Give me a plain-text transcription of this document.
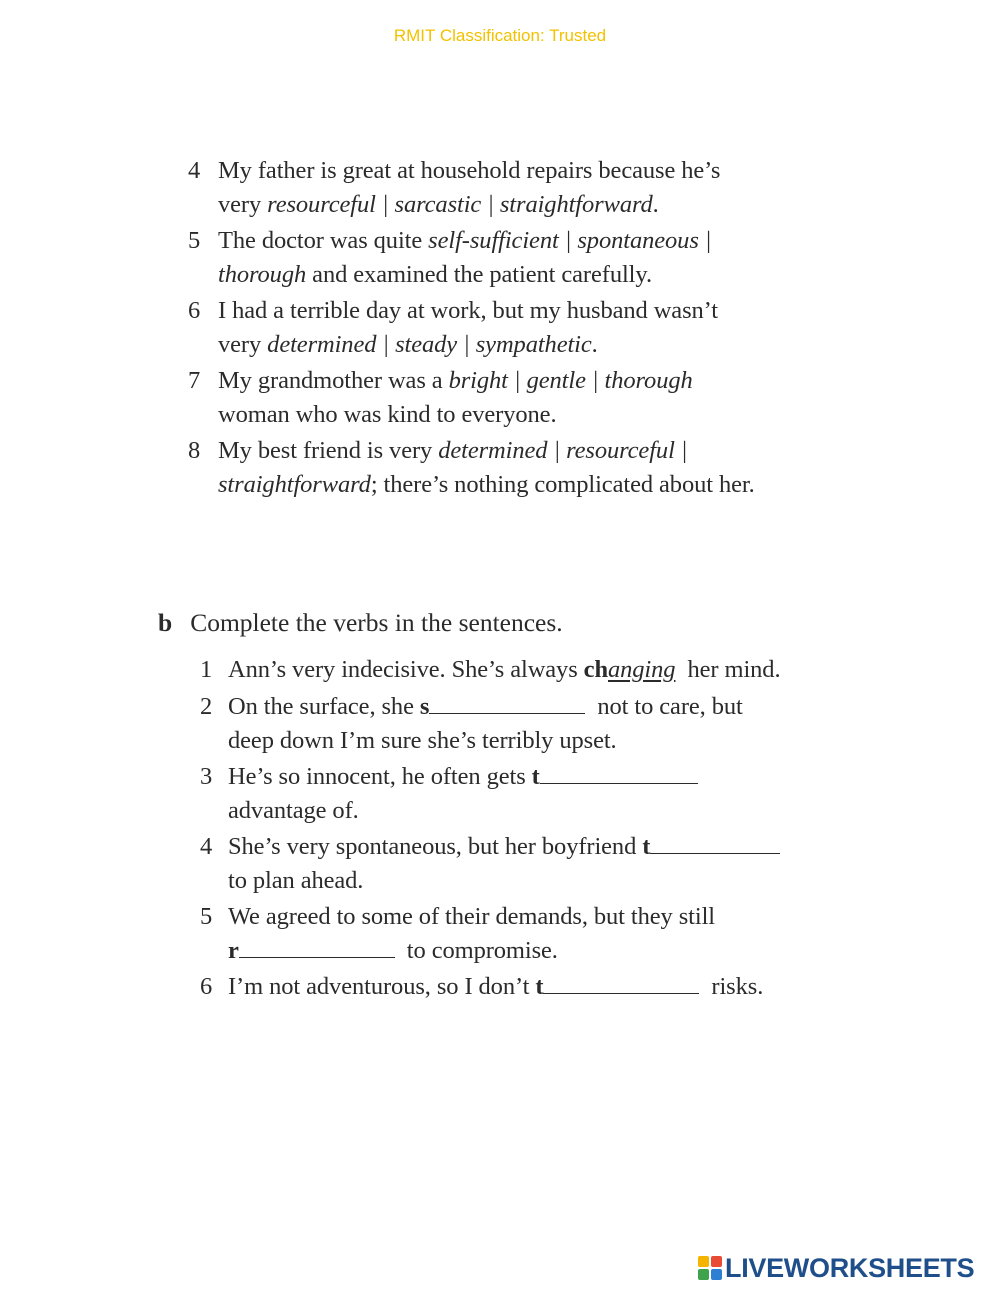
RMIT Classification: Trusted
4 My father is great at household repairs because he’s
very resourceful | sarcastic | straightforward.
5 The doctor was quite self-sufficient | spontaneous |
thorough and examined the patient carefully.
6 I had a terrible day at work, but my husband wasn’t
very determined | steady | sympathetic.
7 My grandmother was a bright | gentle | thorough
woman who was kind to everyone.
8 My best friend is very determined | resourceful |
straightforward; there’s nothing complicated about her.
b Complete the verbs in the sentences.
1 Ann’s very indecisive. She’s always changing her mind.
2 On the surface, she s	not to care, but
deep down I’m sure she’s terribly upset.
3 He’s so innocent, he often gets t
advantage of.
4 She’s very spontaneous, but her boyfriend t
to plan ahead.
5 We agreed to some of their demands, but they still
r	to compromise.
6 I’m not adventurous, so I don’t t	risks.
LIVEWORKSHEETS
